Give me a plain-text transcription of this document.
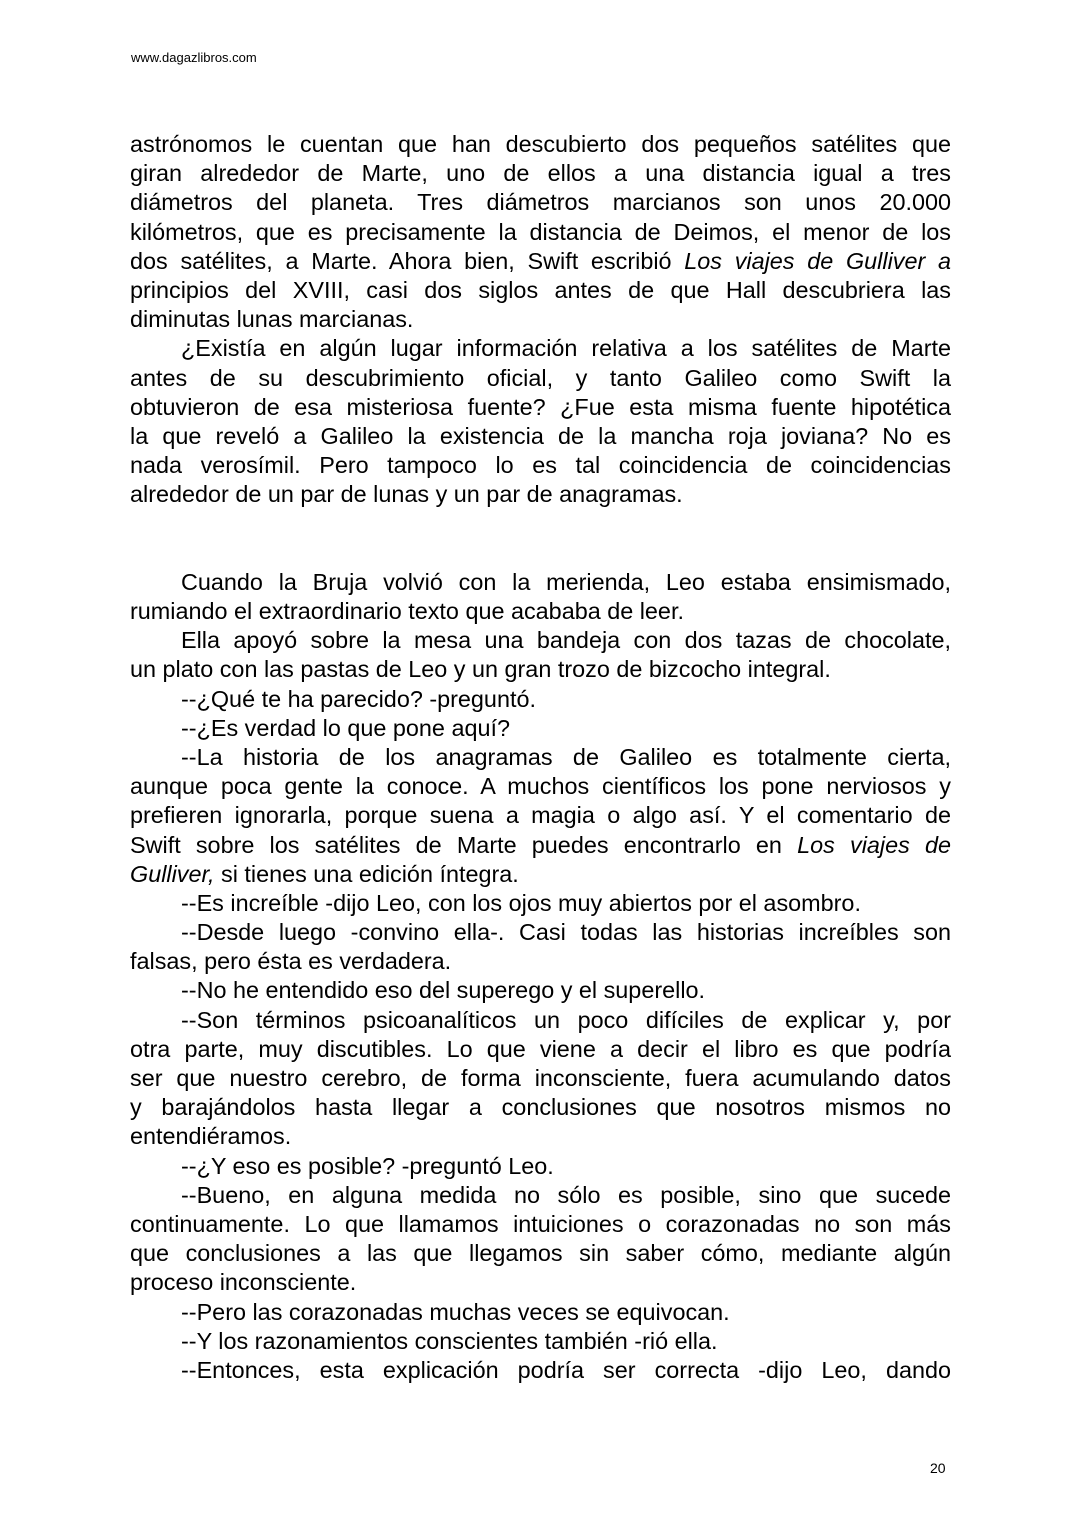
www.dagazlibros.com
astrónomos le cuentan que han descubierto dos pequeños satélites que
giran alrededor de Marte, uno de ellos a una distancia igual a tres
diámetros del planeta. Tres diámetros marcianos son unos 20.000
kilómetros, que es precisamente la distancia de Deimos, el menor de los
dos satélites, a Marte. Ahora bien, Swift escribió Los viajes de Gulliver a
principios del XVIII, casi dos siglos antes de que Hall descubriera las
diminutas lunas marcianas.
¿Existía en algún lugar información relativa a los satélites de Marte
antes de su descubrimiento oficial, y tanto Galileo como Swift la
obtuvieron de esa misteriosa fuente? ¿Fue esta misma fuente hipotética
la que reveló a Galileo la existencia de la mancha roja joviana? No es
nada verosímil. Pero tampoco lo es tal coincidencia de coincidencias
alrededor de un par de lunas y un par de anagramas.
Cuando la Bruja volvió con la merienda, Leo estaba ensimismado,
rumiando el extraordinario texto que acababa de leer.
Ella apoyó sobre la mesa una bandeja con dos tazas de chocolate,
un plato con las pastas de Leo y un gran trozo de bizcocho integral.
--¿Qué te ha parecido? -preguntó.
--¿Es verdad lo que pone aquí?
--La historia de los anagramas de Galileo es totalmente cierta,
aunque poca gente la conoce. A muchos científicos los pone nerviosos y
prefieren ignorarla, porque suena a magia o algo así. Y el comentario de
Swift sobre los satélites de Marte puedes encontrarlo en Los viajes de
Gulliver, si tienes una edición íntegra.
--Es increíble -dijo Leo, con los ojos muy abiertos por el asombro.
--Desde luego -convino ella-. Casi todas las historias increíbles son
falsas, pero ésta es verdadera.
--No he entendido eso del superego y el superello.
--Son términos psicoanalíticos un poco difíciles de explicar y, por
otra parte, muy discutibles. Lo que viene a decir el libro es que podría
ser que nuestro cerebro, de forma inconsciente, fuera acumulando datos
y barajándolos hasta llegar a conclusiones que nosotros mismos no
entendiéramos.
--¿Y eso es posible? -preguntó Leo.
--Bueno, en alguna medida no sólo es posible, sino que sucede
continuamente. Lo que llamamos intuiciones o corazonadas no son más
que conclusiones a las que llegamos sin saber cómo, mediante algún
proceso inconsciente.
--Pero las corazonadas muchas veces se equivocan.
--Y los razonamientos conscientes también -rió ella.
--Entonces, esta explicación podría ser correcta -dijo Leo, dando
20
